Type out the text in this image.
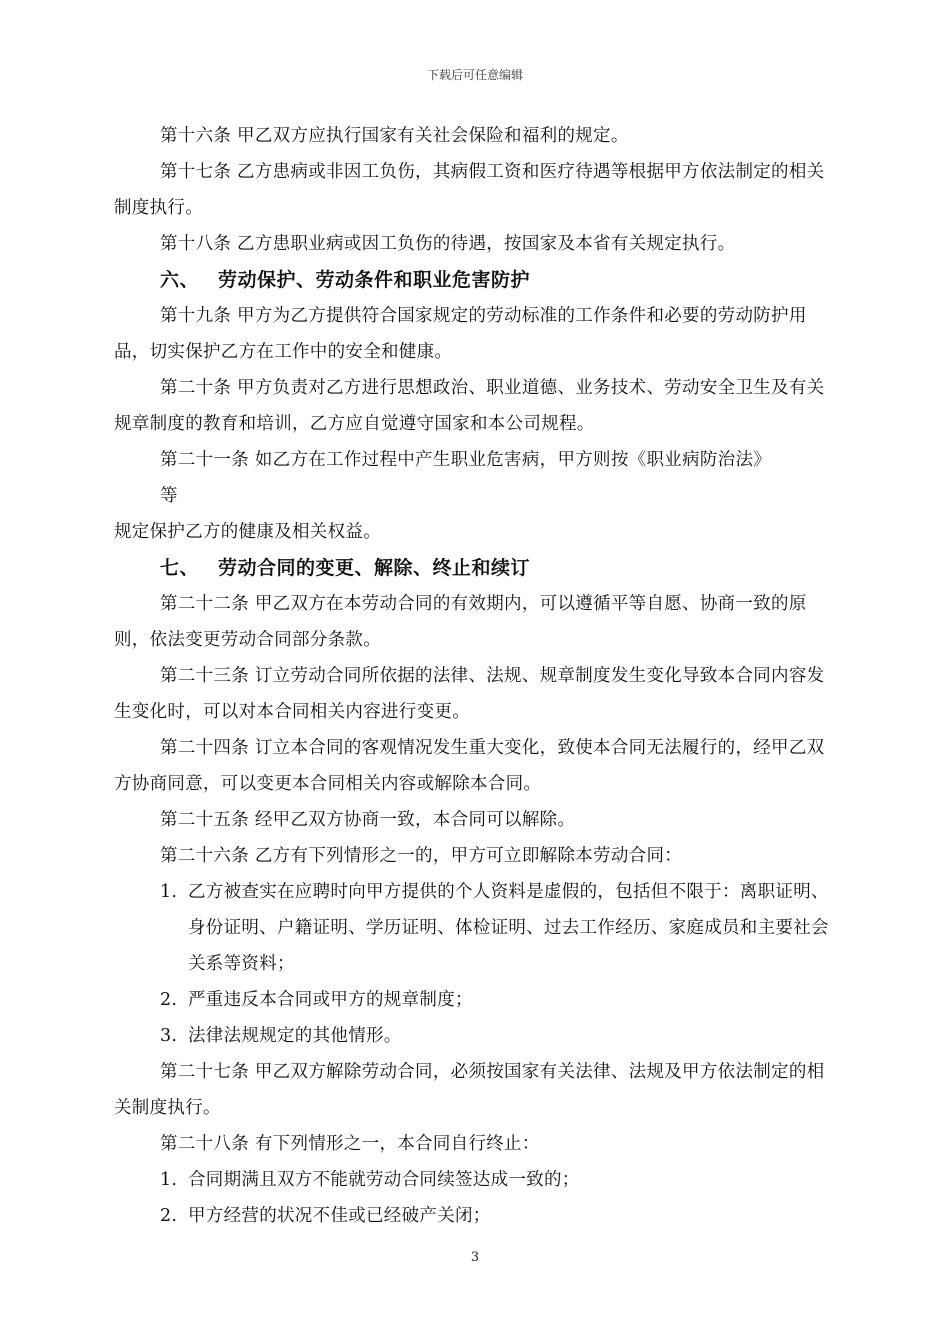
下载后可任意编辑

第十六条 甲乙双方应执行国家有关社会保险和福利的规定。

第十七条 乙方患病或非因工负伤，其病假工资和医疗待遇等根据甲方依法制定的相关制度执行。

第十八条 乙方患职业病或因工负伤的待遇，按国家及本省有关规定执行。

六、 劳动保护、劳动条件和职业危害防护

第十九条 甲方为乙方提供符合国家规定的劳动标准的工作条件和必要的劳动防护用品，切实保护乙方在工作中的安全和健康。

第二十条 甲方负责对乙方进行思想政治、职业道德、业务技术、劳动安全卫生及有关规章制度的教育和培训，乙方应自觉遵守国家和本公司规程。

第二十一条 如乙方在工作过程中产生职业危害病，甲方则按《职业病防治法》

等

规定保护乙方的健康及相关权益。

七、 劳动合同的变更、解除、终止和续订

第二十二条 甲乙双方在本劳动合同的有效期内，可以遵循平等自愿、协商一致的原则，依法变更劳动合同部分条款。

第二十三条 订立劳动合同所依据的法律、法规、规章制度发生变化导致本合同内容发生变化时，可以对本合同相关内容进行变更。

第二十四条 订立本合同的客观情况发生重大变化，致使本合同无法履行的，经甲乙双方协商同意，可以变更本合同相关内容或解除本合同。

第二十五条 经甲乙双方协商一致，本合同可以解除。

第二十六条 乙方有下列情形之一的，甲方可立即解除本劳动合同：

1. 乙方被查实在应聘时向甲方提供的个人资料是虚假的，包括但不限于：离职证明、身份证明、户籍证明、学历证明、体检证明、过去工作经历、家庭成员和主要社会关系等资料；
2. 严重违反本合同或甲方的规章制度；
3. 法律法规规定的其他情形。

第二十七条 甲乙双方解除劳动合同，必须按国家有关法律、法规及甲方依法制定的相关制度执行。

第二十八条 有下列情形之一，本合同自行终止：

1. 合同期满且双方不能就劳动合同续签达成一致的；
2. 甲方经营的状况不佳或已经破产关闭；
3
